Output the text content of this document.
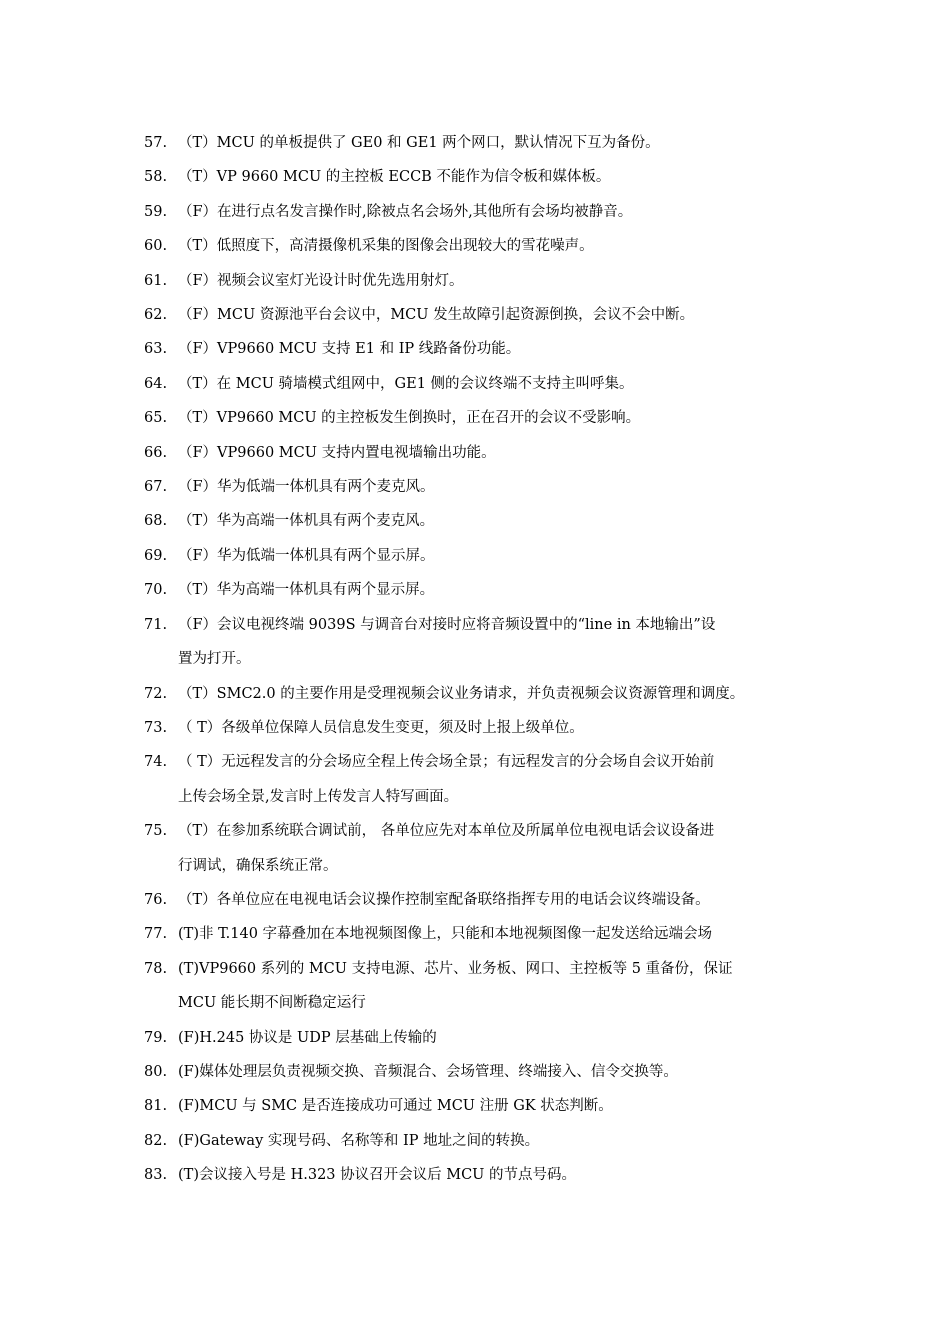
57. （T）MCU 的单板提供了 GE0 和 GE1 两个网口，默认情况下互为备份。
58. （T）VP 9660 MCU 的主控板 ECCB 不能作为信令板和媒体板。
59. （F）在进行点名发言操作时,除被点名会场外,其他所有会场均被静音。
60. （T）低照度下，高清摄像机采集的图像会出现较大的雪花噪声。
61. （F）视频会议室灯光设计时优先选用射灯。
62. （F）MCU 资源池平台会议中，MCU 发生故障引起资源倒换，会议不会中断。
63. （F）VP9660 MCU 支持 E1 和 IP 线路备份功能。
64. （T）在 MCU 骑墙模式组网中，GE1 侧的会议终端不支持主叫呼集。
65. （T）VP9660 MCU 的主控板发生倒换时，正在召开的会议不受影响。
66. （F）VP9660 MCU 支持内置电视墙输出功能。
67. （F）华为低端一体机具有两个麦克风。
68. （T）华为高端一体机具有两个麦克风。
69. （F）华为低端一体机具有两个显示屏。
70. （T）华为高端一体机具有两个显示屏。
71. （F）会议电视终端 9039S 与调音台对接时应将音频设置中的“line in 本地输出”设
置为打开。
72. （T）SMC2.0 的主要作用是受理视频会议业务请求，并负责视频会议资源管理和调度。
73. （ T）各级单位保障人员信息发生变更，须及时上报上级单位。
74. （ T）无远程发言的分会场应全程上传会场全景；有远程发言的分会场自会议开始前
上传会场全景,发言时上传发言人特写画面。
75. （T）在参加系统联合调试前， 各单位应先对本单位及所属单位电视电话会议设备进
行调试，确保系统正常。
76. （T）各单位应在电视电话会议操作控制室配备联络指挥专用的电话会议终端设备。
77. (T)非 T.140 字幕叠加在本地视频图像上，只能和本地视频图像一起发送给远端会场
78. (T)VP9660 系列的 MCU 支持电源、芯片、业务板、网口、主控板等 5 重备份，保证
MCU 能长期不间断稳定运行
79. (F)H.245 协议是 UDP 层基础上传输的
80. (F)媒体处理层负责视频交换、音频混合、会场管理、终端接入、信令交换等。
81. (F)MCU 与 SMC 是否连接成功可通过 MCU 注册 GK 状态判断。
82. (F)Gateway 实现号码、名称等和 IP 地址之间的转换。
83. (T)会议接入号是 H.323 协议召开会议后 MCU 的节点号码。
